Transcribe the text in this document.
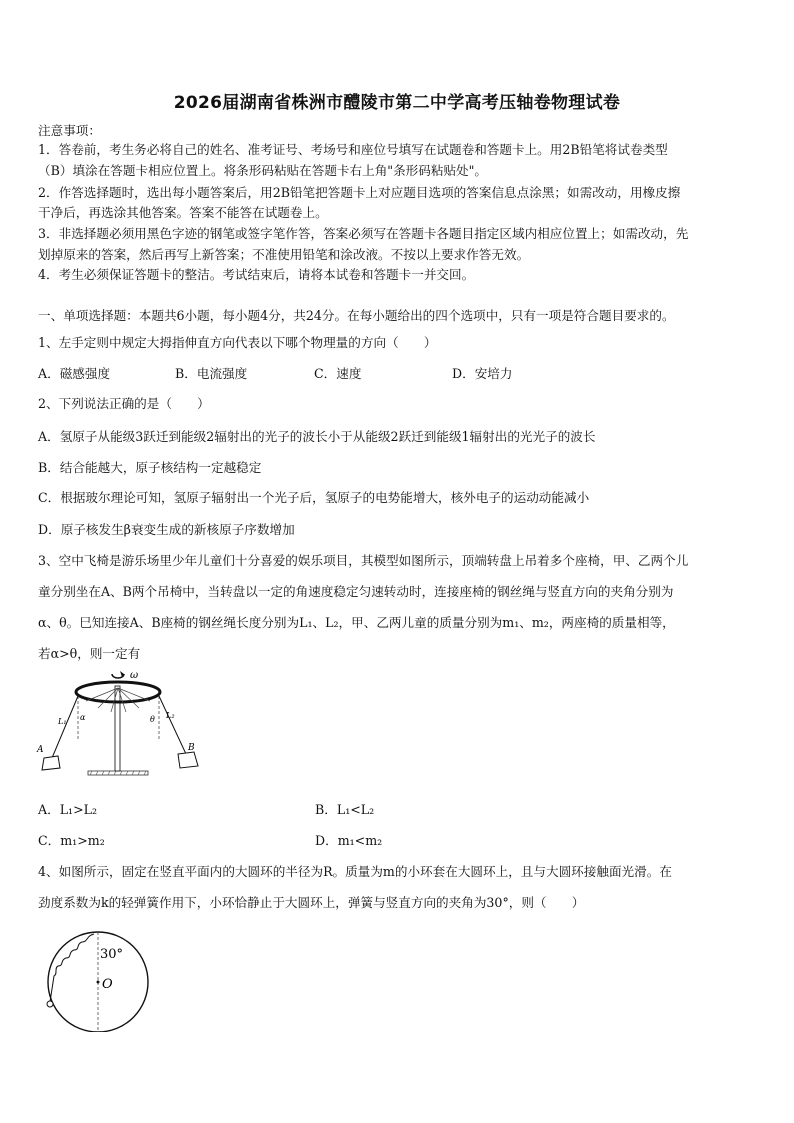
2026届湖南省株洲市醴陵市第二中学高考压轴卷物理试卷
注意事项：
1．答卷前，考生务必将自己的姓名、准考证号、考场号和座位号填写在试题卷和答题卡上。用2B铅笔将试卷类型
（B）填涂在答题卡相应位置上。将条形码粘贴在答题卡右上角"条形码粘贴处"。
2．作答选择题时，选出每小题答案后，用2B铅笔把答题卡上对应题目选项的答案信息点涂黑；如需改动，用橡皮擦
干净后，再选涂其他答案。答案不能答在试题卷上。
3．非选择题必须用黑色字迹的钢笔或签字笔作答，答案必须写在答题卡各题目指定区域内相应位置上；如需改动，先
划掉原来的答案，然后再写上新答案；不准使用铅笔和涂改液。不按以上要求作答无效。
4．考生必须保证答题卡的整洁。考试结束后，请将本试卷和答题卡一并交回。
一、单项选择题：本题共6小题，每小题4分，共24分。在每小题给出的四个选项中，只有一项是符合题目要求的。
1、左手定则中规定大拇指伸直方向代表以下哪个物理量的方向（　　）
A．磁感强度	B．电流强度	C．速度	D．安培力
2、下列说法正确的是（　　）
A．氢原子从能级3跃迁到能级2辐射出的光子的波长小于从能级2跃迁到能级1辐射出的光光子的波长
B．结合能越大，原子核结构一定越稳定
C．根据玻尔理论可知，氢原子辐射出一个光子后，氢原子的电势能增大，核外电子的运动动能减小
D．原子核发生β衰变生成的新核原子序数增加
3、空中飞椅是游乐场里少年儿童们十分喜爱的娱乐项目，其模型如图所示，顶端转盘上吊着多个座椅，甲、乙两个儿
童分别坐在A、B两个吊椅中，当转盘以一定的角速度稳定匀速转动时，连接座椅的钢丝绳与竖直方向的夹角分别为
α、θ。巳知连接A、B座椅的钢丝绳长度分别为L₁、L₂，甲、乙两儿童的质量分别为m₁、m₂，两座椅的质量相等，
若α>θ，则一定有
ω
L₁ α	θ L₂
A	B
A．L₁>L₂	B．L₁<L₂
C．m₁>m₂	D．m₁<m₂
4、如图所示，固定在竖直平面内的大圆环的半径为R。质量为m的小环套在大圆环上，且与大圆环接触面光滑。在
劲度系数为k的轻弹簧作用下，小环恰静止于大圆环上，弹簧与竖直方向的夹角为30°，则（　　）
30°
O
